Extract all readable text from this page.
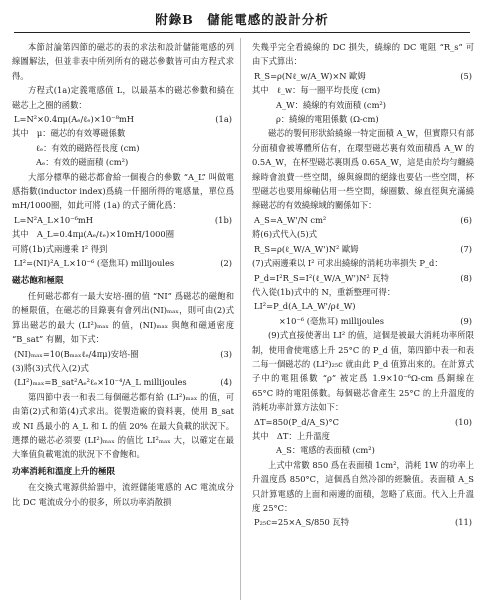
附錄B　儲能電感的設計分析

本節討論第四節的磁芯的表的求法和設計儲能電感的列線圖解法，但並非表中所列所有的磁芯參數皆可由方程式求得。

方程式(1a)定義電感值 L，以最基本的磁芯參數和繞在磁芯上之圈的函數：

L=N²×0.4πμ(Aₑ/ℓₑ)×10⁻⁸mH	(1a)

其中　μ：磁芯的有效導磁係數

ℓₑ：有效的磁路徑長度 (cm)
Aₑ：有效的磁面積 (cm²)

大部分標準的磁芯都會給一個複合的參數 “A_L” 叫做電感指數(inductor index)爲繞一仟圈所得的電感量，單位爲 mH/1000圈，如此可將 (1a) 的式子簡化爲：

L=N²A_L×10⁻⁶mH	(1b)

其中　A_L=0.4πμ(Aₑ/ℓₑ)×10mH/1000圈

可將(1b)式兩邊乘 I² 得到

LI²=(NI)²A_L×10⁻⁶ (毫焦耳) millijoules	(2)
磁芯飽和極限

任何磁芯都有一最大安培-圈的值 “NI” 爲磁芯的磁飽和的極限值，在磁芯的目錄裏有會列出(NI)ₘₐₓ，則可由(2)式算出磁芯的最大 (LI²)ₘₐₓ 的值，(NI)ₘₐₓ 與飽和磁通密度 “B_sat” 有關，如下式：

(NI)ₘₐₓ=10(Bₘₐₓℓₑ/4πμ)安培-圈	(3)

(3)將(3)式代入(2)式

(LI²)ₘₐₓ=B_sat²Aₑ²ℓₑ×10⁻⁴/A_L millijoules	(4)

第四節中表一和表二每個磁芯都有給 (LI²)ₘₐₓ 的值，可由第(2)式和第(4)式求出。從製造廠的資料裏，使用 B_sat 或 NI 爲最小的 A_L 和 L 的值 20% 在最大負載的狀況下。選擇的磁芯必須要 (LI²)ₘₐₓ 的值比 LI²ₘₐₓ 大，以確定在最大峯值負載電流的狀況下不會飽和。

功率消耗和溫度上升的極限

在交換式電源供給器中，流經儲能電感的 AC 電流成分比 DC 電流成分小的很多，所以功率消散損

失幾乎完全看繞線的 DC 損失，繞線的 DC 電阻 “R_s” 可由下式算出：

R_S=ρ(Nℓ_w/A_W)×N 歐姆	(5)

其中　ℓ_w：每一圈平均長度 (cm)

A_W：繞線的有效面積 (cm²)
ρ：繞線的電阻係數 (Ω-cm)

磁芯的製何形狀給繞線一特定面積 A_W，但實際只有部分面積會被導體所佔有，在環型磁芯裏有效面積爲 A_W 的 0.5A_W，在杯型磁芯裏則爲 0.65A_W，這是由於均勻纏繞線時會浪費一些空間，線與線間的絕緣也要佔一些空間，杯型磁芯也要用線軸佔用一些空間，線圈數、線直徑與充滿繞線磁芯的有效繞線域的關係如下：

A_S=A_W'/N cm²	(6)

將(6)式代入(5)式

R_S=ρ(ℓ_W/A_W')N² 歐姆	(7)

(7)式兩邊乘以 I² 可求出繞線的消耗功率損失 P_d：

P_d=I²R_S=I²(ℓ_W/A_W')N² 瓦特	(8)

代入從(1b)式中的 N，重新整理可得：

LI²=P_d(A_LA_W'/ρℓ_W)
　　　×10⁻⁶ (毫焦耳) millijoules	(9)

(9)式直接使著出 LI² 的值，這個是被最大消耗功率所限制，使用會使電感上升 25°C 的 P_d 值，第四節中表一和表二每一個磁芯的 (LI²)₂₅c 就由此 P_d 值算出來的。在計算式子中的電阻係數 “ρ” 被定爲 1.9×10⁻⁶Ω-cm 爲銅線在 65°C 時的電阻係數。每個磁芯會產生 25°C 的上升溫度的消耗功率計算方法如下：

ΔT=850(P_d/A_S)°C	(10)

其中　ΔT：上升溫度

A_S：電感的表面積 (cm²)

上式中常數 850 爲在表面積 1cm²，消耗 1W 的功率上升溫度爲 850°C，這個爲自然冷卻的經驗值。表面積 A_S 只計算電感的上面和兩邊的面積，忽略了底面。代入上升溫度 25°C：

P₂₅c=25×A_S/850 瓦特	(11)
